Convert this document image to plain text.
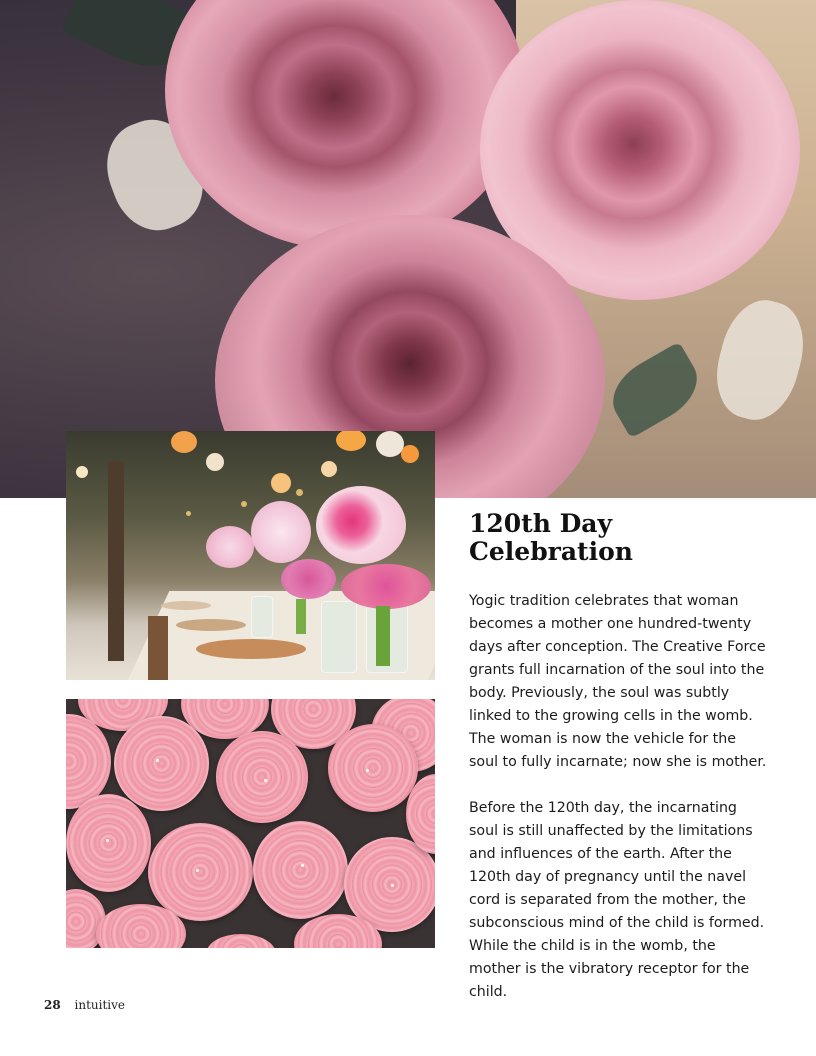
120th Day
Celebration

Yogic tradition celebrates that woman becomes a mother one hundred-twenty days after conception. The Creative Force grants full incarnation of the soul into the body. Previously, the soul was subtly linked to the growing cells in the womb. The woman is now the vehicle for the soul to fully incarnate; now she is mother.

Before the 120th day, the incarnating soul is still unaffected by the limitations and influences of the earth. After the 120th day of pregnancy until the navel cord is separated from the mother, the subconscious mind of the child is formed. While the child is in the womb, the mother is the vibratory receptor for the child.

28 intuitive
